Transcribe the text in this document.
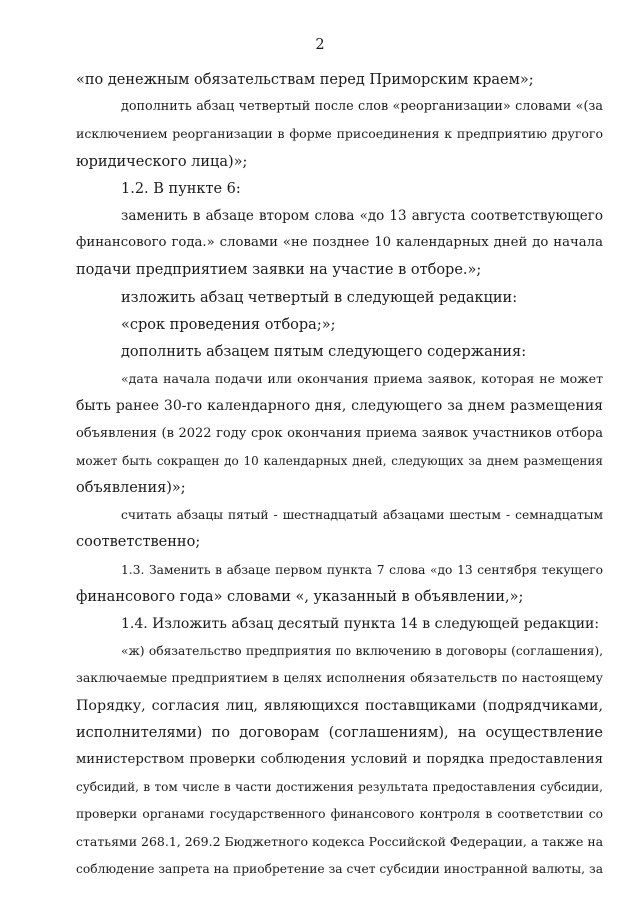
2
«по денежным обязательствам перед Приморским краем»;
дополнить абзац четвертый после слов «реорганизации» словами «(за
исключением реорганизации в форме присоединения к предприятию другого
юридического лица)»;
1.2. В пункте 6:
заменить в абзаце втором слова «до 13 августа соответствующего
финансового года.» словами «не позднее 10 календарных дней до начала
подачи предприятием заявки на участие в отборе.»;
изложить абзац четвертый в следующей редакции:
«срок проведения отбора;»;
дополнить абзацем пятым следующего содержания:
«дата начала подачи или окончания приема заявок, которая не может
быть ранее 30-го календарного дня, следующего за днем размещения
объявления (в 2022 году срок окончания приема заявок участников отбора
может быть сокращен до 10 календарных дней, следующих за днем размещения
объявления)»;
считать абзацы пятый - шестнадцатый абзацами шестым - семнадцатым
соответственно;
1.3. Заменить в абзаце первом пункта 7 слова «до 13 сентября текущего
финансового года» словами «, указанный в объявлении,»;
1.4. Изложить абзац десятый пункта 14 в следующей редакции:
«ж) обязательство предприятия по включению в договоры (соглашения),
заключаемые предприятием в целях исполнения обязательств по настоящему
Порядку, согласия лиц, являющихся поставщиками (подрядчиками,
исполнителями) по договорам (соглашениям), на осуществление
министерством проверки соблюдения условий и порядка предоставления
субсидий, в том числе в части достижения результата предоставления субсидии,
проверки органами государственного финансового контроля в соответствии со
статьями 268.1, 269.2 Бюджетного кодекса Российской Федерации, а также на
соблюдение запрета на приобретение за счет субсидии иностранной валюты, за
